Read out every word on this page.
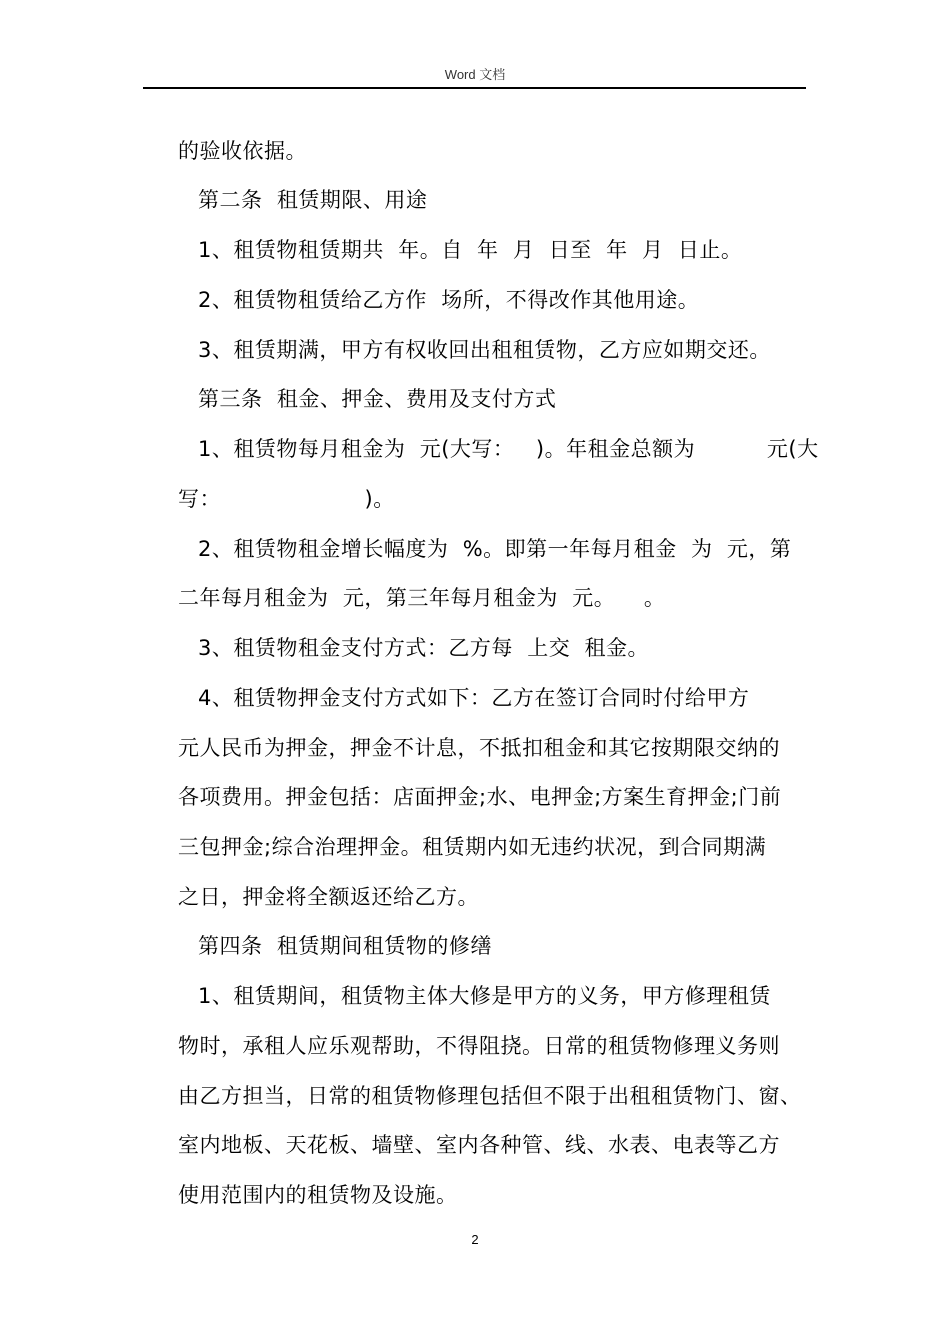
Word 文档
的验收依据。
第二条  租赁期限、用途
1、租赁物租赁期共  年。自  年  月  日至  年  月  日止。
2、租赁物租赁给乙方作  场所，不得改作其他用途。
3、租赁期满，甲方有权收回出租租赁物，乙方应如期交还。
第三条  租金、押金、费用及支付方式
1、租赁物每月租金为  元(大写：   )。年租金总额为          元(大
写：                    )。
2、租赁物租金增长幅度为  %。即第一年每月租金  为  元，第
二年每月租金为  元，第三年每月租金为  元。    。
3、租赁物租金支付方式：乙方每  上交  租金。
4、租赁物押金支付方式如下：乙方在签订合同时付给甲方
元人民币为押金，押金不计息，不抵扣租金和其它按期限交纳的
各项费用。押金包括：店面押金;水、电押金;方案生育押金;门前
三包押金;综合治理押金。租赁期内如无违约状况，到合同期满
之日，押金将全额返还给乙方。
第四条  租赁期间租赁物的修缮
1、租赁期间，租赁物主体大修是甲方的义务，甲方修理租赁
物时，承租人应乐观帮助，不得阻挠。日常的租赁物修理义务则
由乙方担当，日常的租赁物修理包括但不限于出租租赁物门、窗、
室内地板、天花板、墙壁、室内各种管、线、水表、电表等乙方
使用范围内的租赁物及设施。
2
